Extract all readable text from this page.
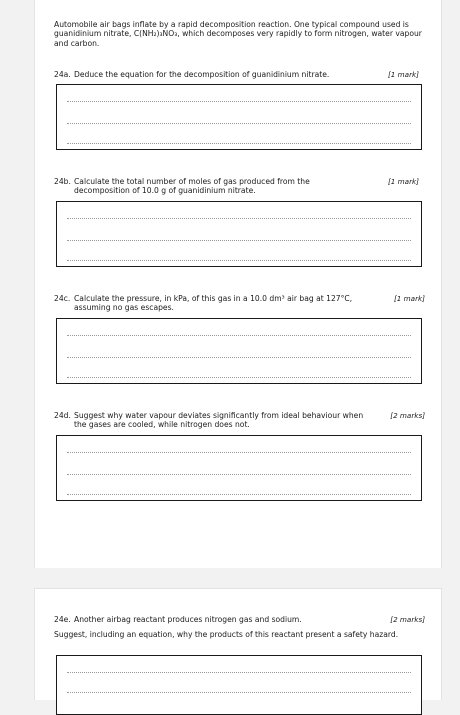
Automobile air bags inflate by a rapid decomposition reaction. One typical compound used is guanidinium nitrate, C(NH₂)₃NO₃, which decomposes very rapidly to form nitrogen, water vapour and carbon.
24a. Deduce the equation for the decomposition of guanidinium nitrate.	[1 mark]
24b. Calculate the total number of moles of gas produced from the decomposition of 10.0 g of guanidinium nitrate.
[1 mark]
24c. Calculate the pressure, in kPa, of this gas in a 10.0 dm³ air bag at 127°C, assuming no gas escapes.
[1 mark]
24d. Suggest why water vapour deviates significantly from ideal behaviour when the gases are cooled, while nitrogen does not.
[2 marks]
24e. Another airbag reactant produces nitrogen gas and sodium.	[2 marks]
Suggest, including an equation, why the products of this reactant present a safety hazard.
